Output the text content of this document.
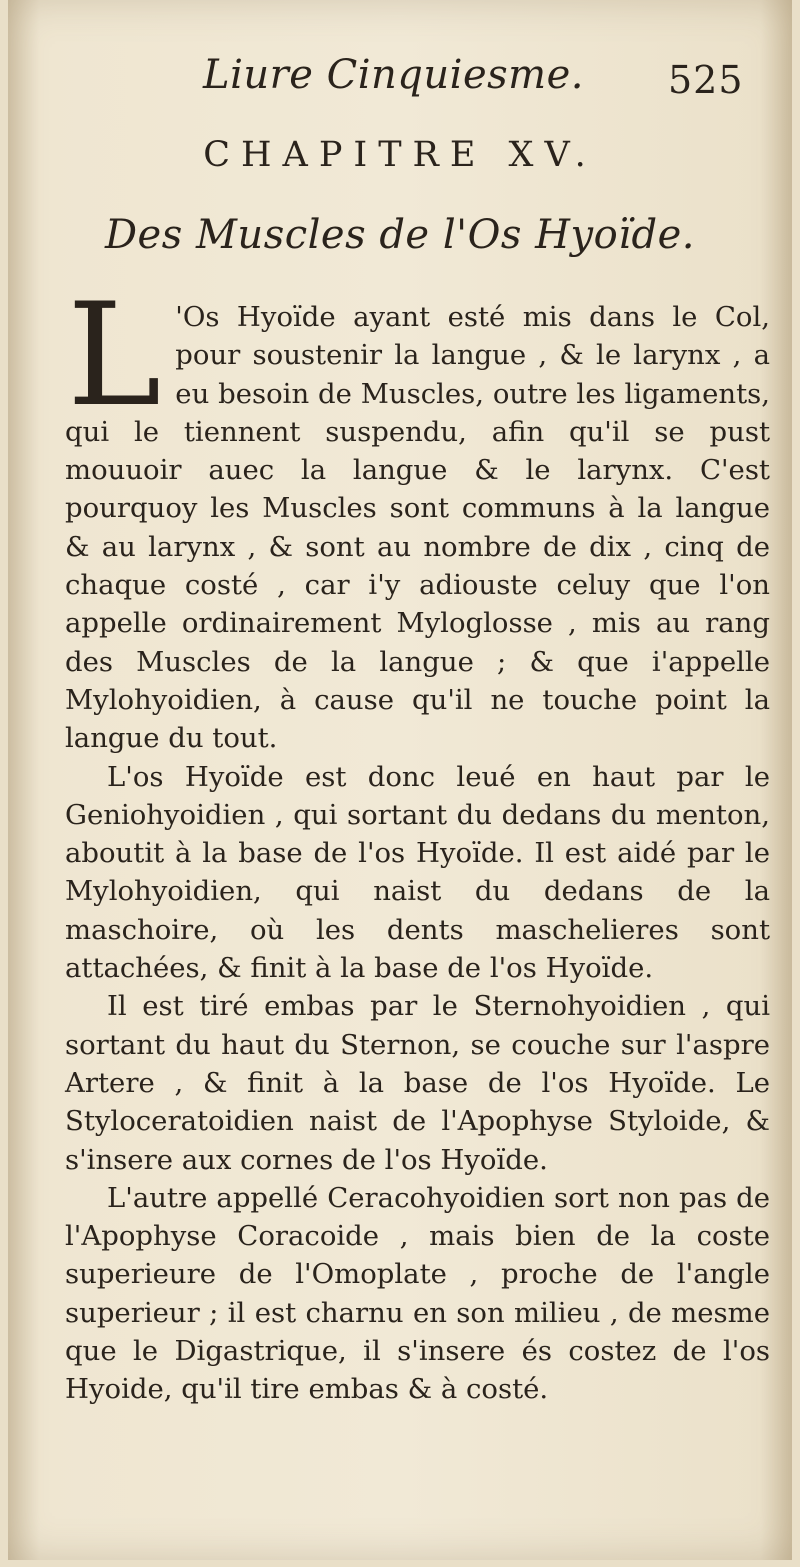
Liure Cinquiesme. 525
CHAPITRE XV.
Des Muscles de l'Os Hyoïde.

L 'Os Hyoïde ayant esté mis dans le Col, pour soustenir la langue , & le larynx , a eu besoin de Muscles, outre les ligaments, qui le tiennent suspendu, afin qu'il se pust mouuoir auec la langue & le larynx. C'est pourquoy les Muscles sont communs à la langue & au larynx , & sont au nombre de dix , cinq de chaque costé , car i'y adiouste celuy que l'on appelle ordinairement Myloglosse , mis au rang des Muscles de la langue ; & que i'appelle Mylohyoidien, à cause qu'il ne touche point la langue du tout.

L'os Hyoïde est donc leué en haut par le Geniohyoidien , qui sortant du dedans du menton, aboutit à la base de l'os Hyoïde. Il est aidé par le Mylohyoidien, qui naist du dedans de la maschoire, où les dents maschelieres sont attachées, & finit à la base de l'os Hyoïde.

Il est tiré embas par le Sternohyoidien , qui sortant du haut du Sternon, se couche sur l'aspre Artere , & finit à la base de l'os Hyoïde. Le Styloceratoidien naist de l'Apophyse Styloide, & s'insere aux cornes de l'os Hyoïde.

L'autre appellé Ceracohyoidien sort non pas de l'Apophyse Coracoide , mais bien de la coste superieure de l'Omoplate , proche de l'angle superieur ; il est charnu en son milieu , de mesme que le Digastrique, il s'insere és costez de l'os Hyoide, qu'il tire embas & à costé.
